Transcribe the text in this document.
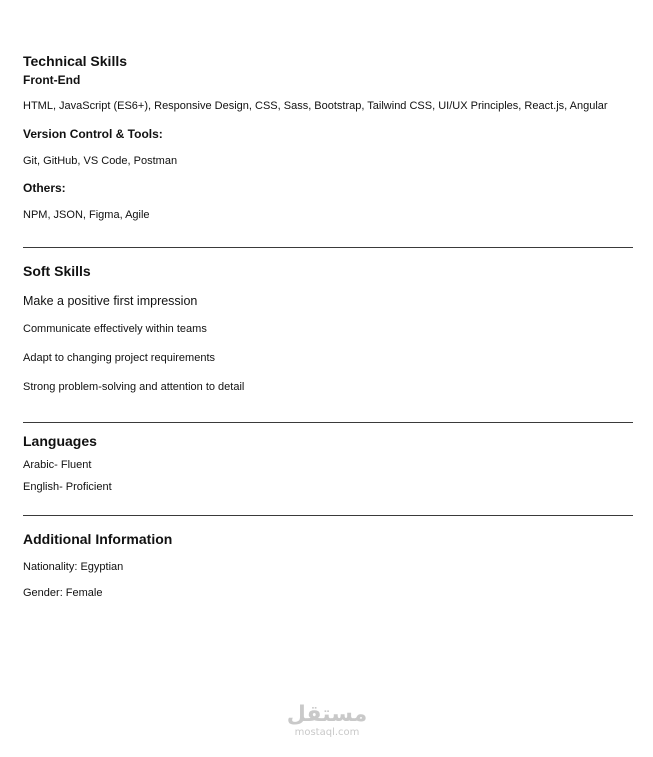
Technical Skills
Front-End
HTML, JavaScript (ES6+), Responsive Design, CSS, Sass, Bootstrap, Tailwind CSS, UI/UX Principles, React.js, Angular
Version Control & Tools:
Git, GitHub, VS Code, Postman
Others:
NPM, JSON, Figma, Agile
Soft Skills
Make a positive first impression
Communicate effectively within teams
Adapt to changing project requirements
Strong problem-solving and attention to detail
Languages
Arabic- Fluent
English- Proficient
Additional Information
Nationality: Egyptian
Gender: Female
مستقل
mostaql.com
